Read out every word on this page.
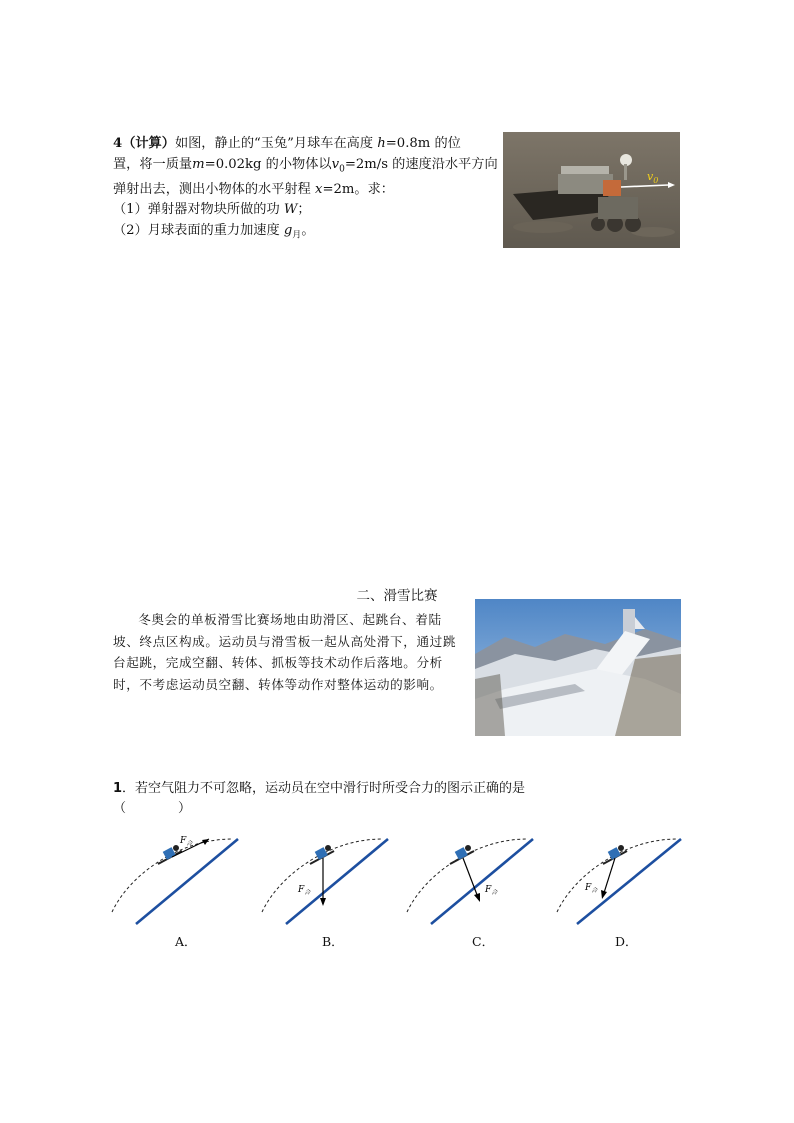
4（计算）如图，静止的“玉兔”月球车在高度 h=0.8m 的位

置，将一质量m=0.02kg 的小物体以$v_0=2m/s$ 的速度沿水平方向

弹射出去，测出小物体的水平射程 x=2m。求：

（1）弹射器对物块所做的功 W；

（2）月球表面的重力加速度 $g_月$。

$v_0$
二、滑雪比赛
冬奥会的单板滑雪比赛场地由助滑区、起跳台、着陆坡、终点区构成。运动员与滑雪板一起从高处滑下，通过跳台起跳，完成空翻、转体、抓板等技术动作后落地。分析时，不考虑运动员空翻、转体等动作对整体运动的影响。

1．若空气阻力不可忽略，运动员在空中滑行时所受合力的图示正确的是

（　　　　）

$F_合$
A．
$F_合$
B．
$F_合$
C．
$F_合$
D．
